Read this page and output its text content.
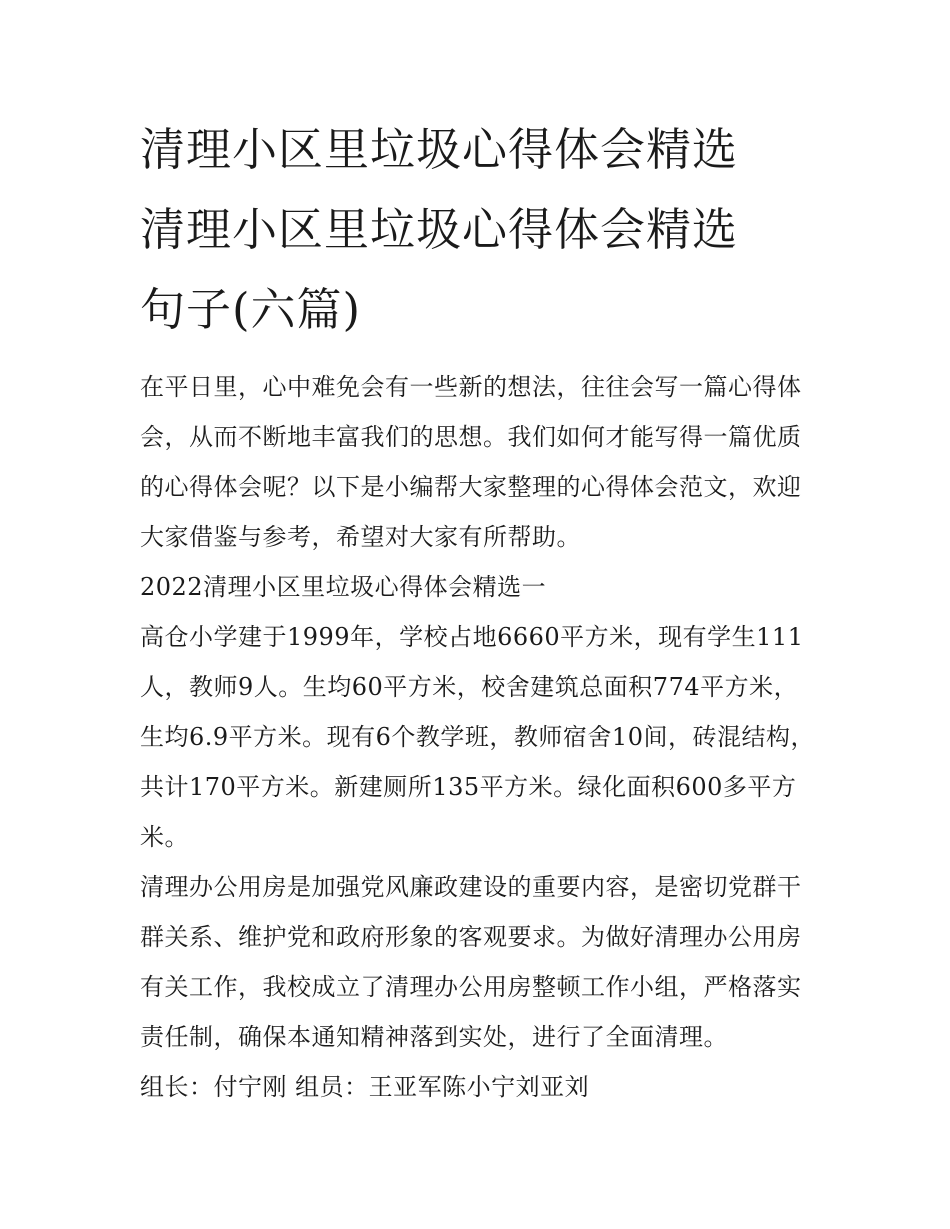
清理小区里垃圾心得体会精选
清理小区里垃圾心得体会精选
句子(六篇)

在平日里，心中难免会有一些新的想法，往往会写一篇心得体会，从而不断地丰富我们的思想。我们如何才能写得一篇优质的心得体会呢？以下是小编帮大家整理的心得体会范文，欢迎大家借鉴与参考，希望对大家有所帮助。

2022清理小区里垃圾心得体会精选一

高仓小学建于1999年，学校占地6660平方米，现有学生111人，教师9人。生均60平方米，校舍建筑总面积774平方米，生均6.9平方米。现有6个教学班，教师宿舍10间，砖混结构，共计170平方米。新建厕所135平方米。绿化面积600多平方米。

清理办公用房是加强党风廉政建设的重要内容，是密切党群干群关系、维护党和政府形象的客观要求。为做好清理办公用房有关工作，我校成立了清理办公用房整顿工作小组，严格落实责任制，确保本通知精神落到实处，进行了全面清理。

组长：付宁刚 组员：王亚军陈小宁刘亚刘
